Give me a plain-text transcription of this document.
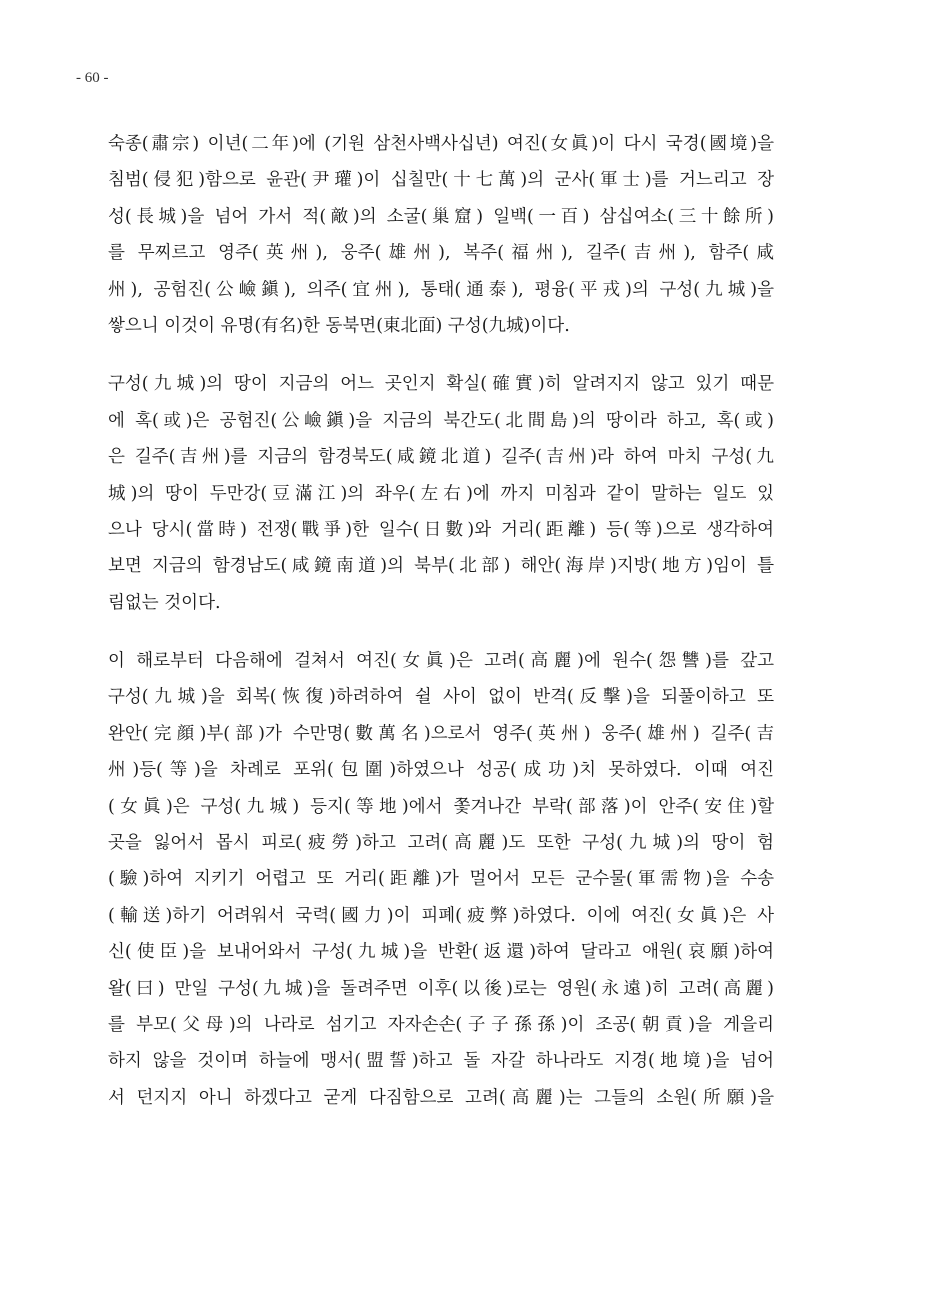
- 60 -
숙종(肅宗) 이년(二年)에 (기원 삼천사백사십년) 여진(女眞)이 다시 국경(國境)을
침범(侵犯)함으로 윤관(尹瓘)이 십칠만(十七萬)의 군사(軍士)를 거느리고 장
성(長城)을 넘어 가서 적(敵)의 소굴(巢窟) 일백(一百) 삼십여소(三十餘所)
를 무찌르고 영주(英州), 웅주(雄州), 복주(福州), 길주(吉州), 함주(咸
州), 공험진(公嶮鎭), 의주(宜州), 통태(通泰), 평융(平戎)의 구성(九城)을
쌓으니 이것이 유명(有名)한 동북면(東北面) 구성(九城)이다.
구성(九城)의 땅이 지금의 어느 곳인지 확실(確實)히 알려지지 않고 있기 때문
에 혹(或)은 공험진(公嶮鎭)을 지금의 북간도(北間島)의 땅이라 하고, 혹(或)
은 길주(吉州)를 지금의 함경북도(咸鏡北道) 길주(吉州)라 하여 마치 구성(九
城)의 땅이 두만강(豆滿江)의 좌우(左右)에 까지 미침과 같이 말하는 일도 있
으나 당시(當時) 전쟁(戰爭)한 일수(日數)와 거리(距離) 등(等)으로 생각하여
보면 지금의 함경남도(咸鏡南道)의 북부(北部) 해안(海岸)지방(地方)임이 틀
림없는 것이다.
이 해로부터 다음해에 걸쳐서 여진(女眞)은 고려(高麗)에 원수(怨讐)를 갚고
구성(九城)을 회복(恢復)하려하여 쉴 사이 없이 반격(反擊)을 되풀이하고 또
완안(完顔)부(部)가 수만명(數萬名)으로서 영주(英州) 웅주(雄州) 길주(吉
州)등(等)을 차례로 포위(包圍)하였으나 성공(成功)치 못하였다. 이때 여진
(女眞)은 구성(九城) 등지(等地)에서 쫓겨나간 부락(部落)이 안주(安住)할
곳을 잃어서 몹시 피로(疲勞)하고 고려(高麗)도 또한 구성(九城)의 땅이 험
(驗)하여 지키기 어렵고 또 거리(距離)가 멀어서 모든 군수물(軍需物)을 수송
(輸送)하기 어려워서 국력(國力)이 피폐(疲弊)하였다. 이에 여진(女眞)은 사
신(使臣)을 보내어와서 구성(九城)을 반환(返還)하여 달라고 애원(哀願)하여
왈(曰) 만일 구성(九城)을 돌려주면 이후(以後)로는 영원(永遠)히 고려(高麗)
를 부모(父母)의 나라로 섬기고 자자손손(子子孫孫)이 조공(朝貢)을 게을리
하지 않을 것이며 하늘에 맹서(盟誓)하고 돌 자갈 하나라도 지경(地境)을 넘어
서 던지지 아니 하겠다고 굳게 다짐함으로 고려(高麗)는 그들의 소원(所願)을
